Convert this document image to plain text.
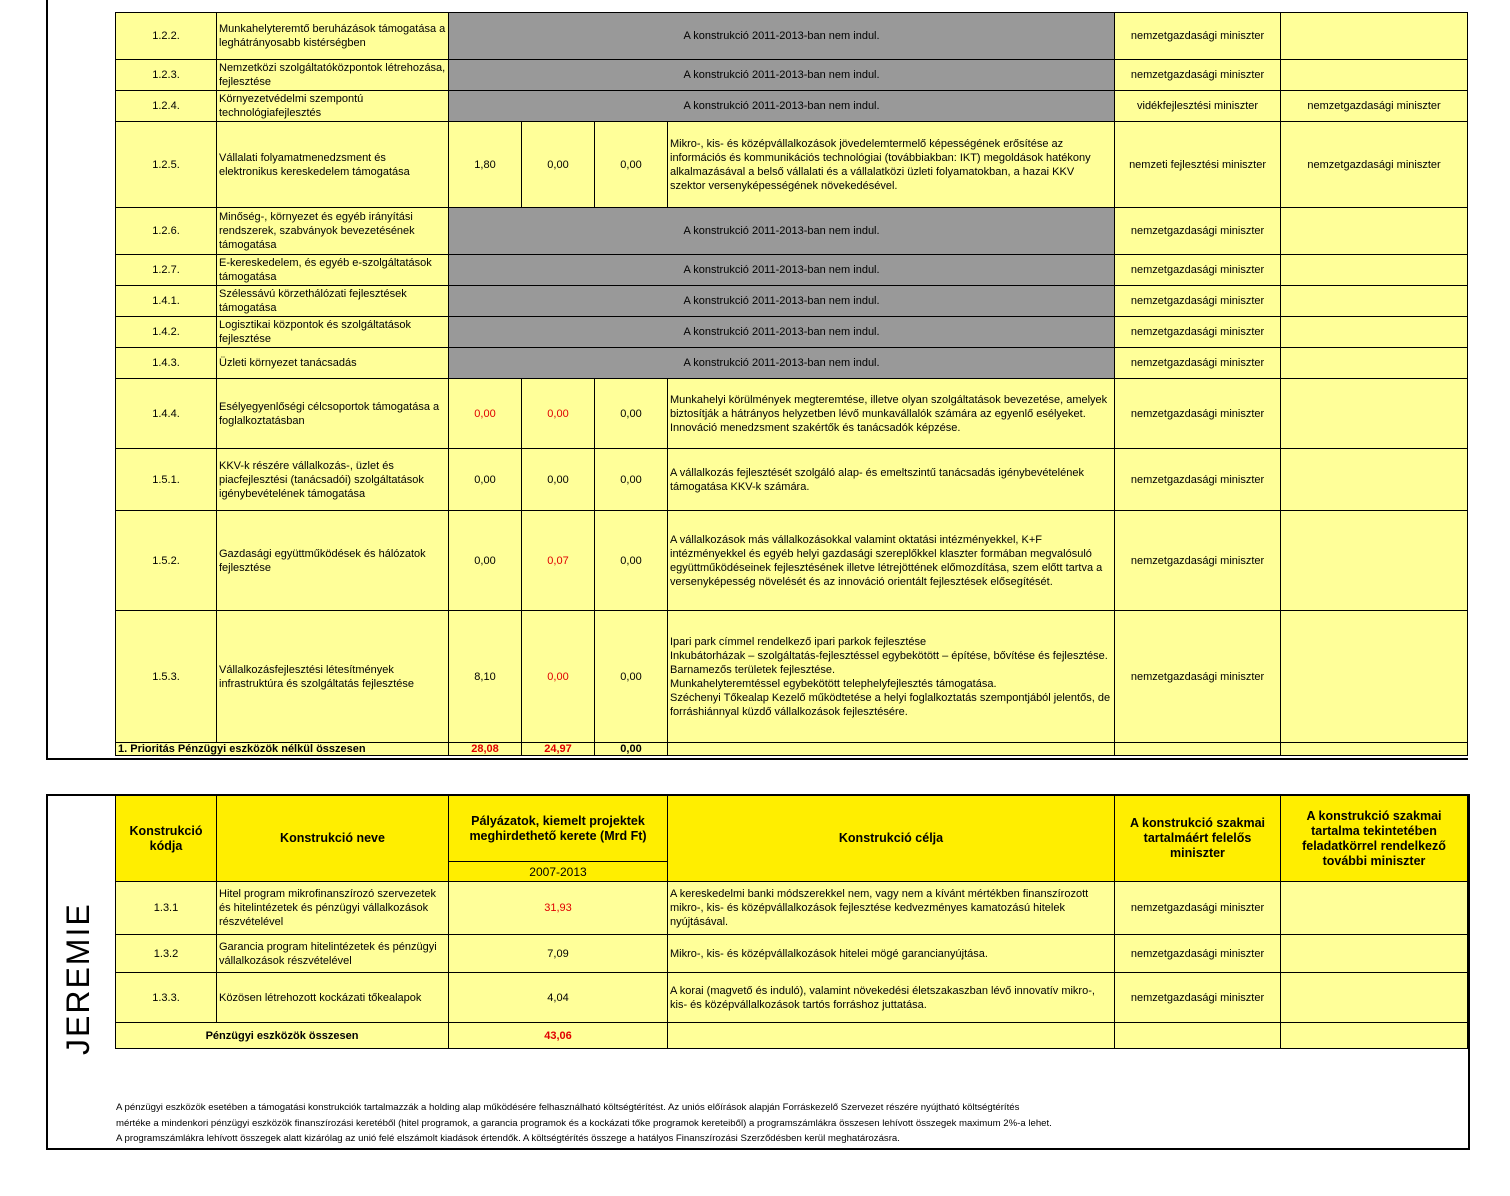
1.2.2.	Munkahelyteremtő beruházások támogatása a leghátrányosabb kistérségben	A konstrukció 2011-2013-ban nem indul.				nemzetgazdasági miniszter	
1.2.3.	Nemzetközi szolgáltatóközpontok létrehozása, fejlesztése	A konstrukció 2011-2013-ban nem indul.				nemzetgazdasági miniszter	
1.2.4.	Környezetvédelmi szempontú technológiafejlesztés	A konstrukció 2011-2013-ban nem indul.				vidékfejlesztési miniszter	nemzetgazdasági miniszter
1.2.5.	Vállalati folyamatmenedzsment és elektronikus kereskedelem támogatása	1,80	0,00	0,00	Mikro-, kis- és középvállalkozások jövedelemtermelő képességének erősítése az információs és kommunikációs technológiai (továbbiakban: IKT) megoldások hatékony alkalmazásával a belső vállalati és a vállalatközi üzleti folyamatokban, a hazai KKV szektor versenyképességének növekedésével.	nemzeti fejlesztési miniszter	nemzetgazdasági miniszter
1.2.6.	Minőség-, környezet és egyéb irányítási rendszerek, szabványok bevezetésének támogatása	A konstrukció 2011-2013-ban nem indul.				nemzetgazdasági miniszter	
1.2.7.	E-kereskedelem, és egyéb e-szolgáltatások támogatása	A konstrukció 2011-2013-ban nem indul.				nemzetgazdasági miniszter	
1.4.1.	Szélessávú körzethálózati fejlesztések támogatása	A konstrukció 2011-2013-ban nem indul.				nemzetgazdasági miniszter	
1.4.2.	Logisztikai központok és szolgáltatások fejlesztése	A konstrukció 2011-2013-ban nem indul.				nemzetgazdasági miniszter	
1.4.3.	Üzleti környezet tanácsadás	A konstrukció 2011-2013-ban nem indul.				nemzetgazdasági miniszter	
1.4.4.	Esélyegyenlőségi célcsoportok támogatása a foglalkoztatásban	0,00	0,00	0,00	Munkahelyi körülmények megteremtése, illetve olyan szolgáltatások bevezetése, amelyek biztosítják a hátrányos helyzetben lévő munkavállalók számára az egyenlő esélyeket. Innováció menedzsment szakértők és tanácsadók képzése.	nemzetgazdasági miniszter	
1.5.1.	KKV-k részére vállalkozás-, üzlet és piacfejlesztési (tanácsadói) szolgáltatások igénybevételének támogatása	0,00	0,00	0,00	A vállalkozás fejlesztését szolgáló alap- és emeltszintű tanácsadás igénybevételének támogatása KKV-k számára.	nemzetgazdasági miniszter	
1.5.2.	Gazdasági együttműködések és hálózatok fejlesztése	0,00	0,07	0,00	A vállalkozások más vállalkozásokkal valamint oktatási intézményekkel, K+F intézményekkel és egyéb helyi gazdasági szereplőkkel klaszter formában megvalósuló együttműködéseinek fejlesztésének illetve létrejöttének előmozdítása, szem előtt tartva a versenyképesség növelését és az innováció orientált fejlesztések elősegítését.	nemzetgazdasági miniszter	
1.5.3.	Vállalkozásfejlesztési létesítmények infrastruktúra és szolgáltatás fejlesztése	8,10	0,00	0,00	Ipari park címmel rendelkező ipari parkok fejlesztése
Inkubátorházak – szolgáltatás-fejlesztéssel egybekötött – építése, bővítése és fejlesztése.
Barnamezős területek fejlesztése.
Munkahelyteremtéssel egybekötött telephelyfejlesztés támogatása.
Széchenyi Tőkealap Kezelő működtetése a helyi foglalkoztatás szempontjából jelentős, de forráshiánnyal küzdő vállalkozások fejlesztésére.	nemzetgazdasági miniszter	
1. Prioritás Pénzügyi eszközök nélkül összesen		28,08	24,97	0,00			
JEREMIE
Konstrukció kódja	Konstrukció neve	Pályázatok, kiemelt projektek meghirdethető kerete (Mrd Ft)	Konstrukció célja	A konstrukció szakmai tartalmáért felelős miniszter	A konstrukció szakmai tartalma tekintetében feladatkörrel rendelkező további miniszter
		2007-2013			
1.3.1	Hitel program mikrofinanszírozó szervezetek és hitelintézetek és pénzügyi vállalkozások részvételével	31,93	A kereskedelmi banki módszerekkel nem, vagy nem a kívánt mértékben finanszírozott mikro-, kis- és középvállalkozások fejlesztése kedvezményes kamatozású hitelek nyújtásával.	nemzetgazdasági miniszter	
1.3.2	Garancia program hitelintézetek és pénzügyi vállalkozások részvételével	7,09	Mikro-, kis- és középvállalkozások hitelei mögé garancianyújtása.	nemzetgazdasági miniszter	
1.3.3.	Közösen létrehozott kockázati tőkealapok	4,04	A korai (magvető és induló), valamint növekedési életszakaszban lévő innovatív mikro-, kis- és középvállalkozások tartós forráshoz juttatása.	nemzetgazdasági miniszter	
Pénzügyi eszközök összesen		43,06			
A pénzügyi eszközök esetében a támogatási konstrukciók tartalmazzák a holding alap működésére felhasználható költségtérítést. Az uniós előírások alapján Forráskezelő Szervezet részére nyújtható költségtérítés
mértéke a mindenkori pénzügyi eszközök finanszírozási keretéből (hitel programok, a garancia programok és a kockázati tőke programok kereteiből) a programszámlákra összesen lehívott összegek maximum 2%-a lehet.
A programszámlákra lehívott összegek alatt kizárólag az unió felé elszámolt kiadások értendők. A költségtérítés összege a hatályos Finanszírozási Szerződésben kerül meghatározásra.
